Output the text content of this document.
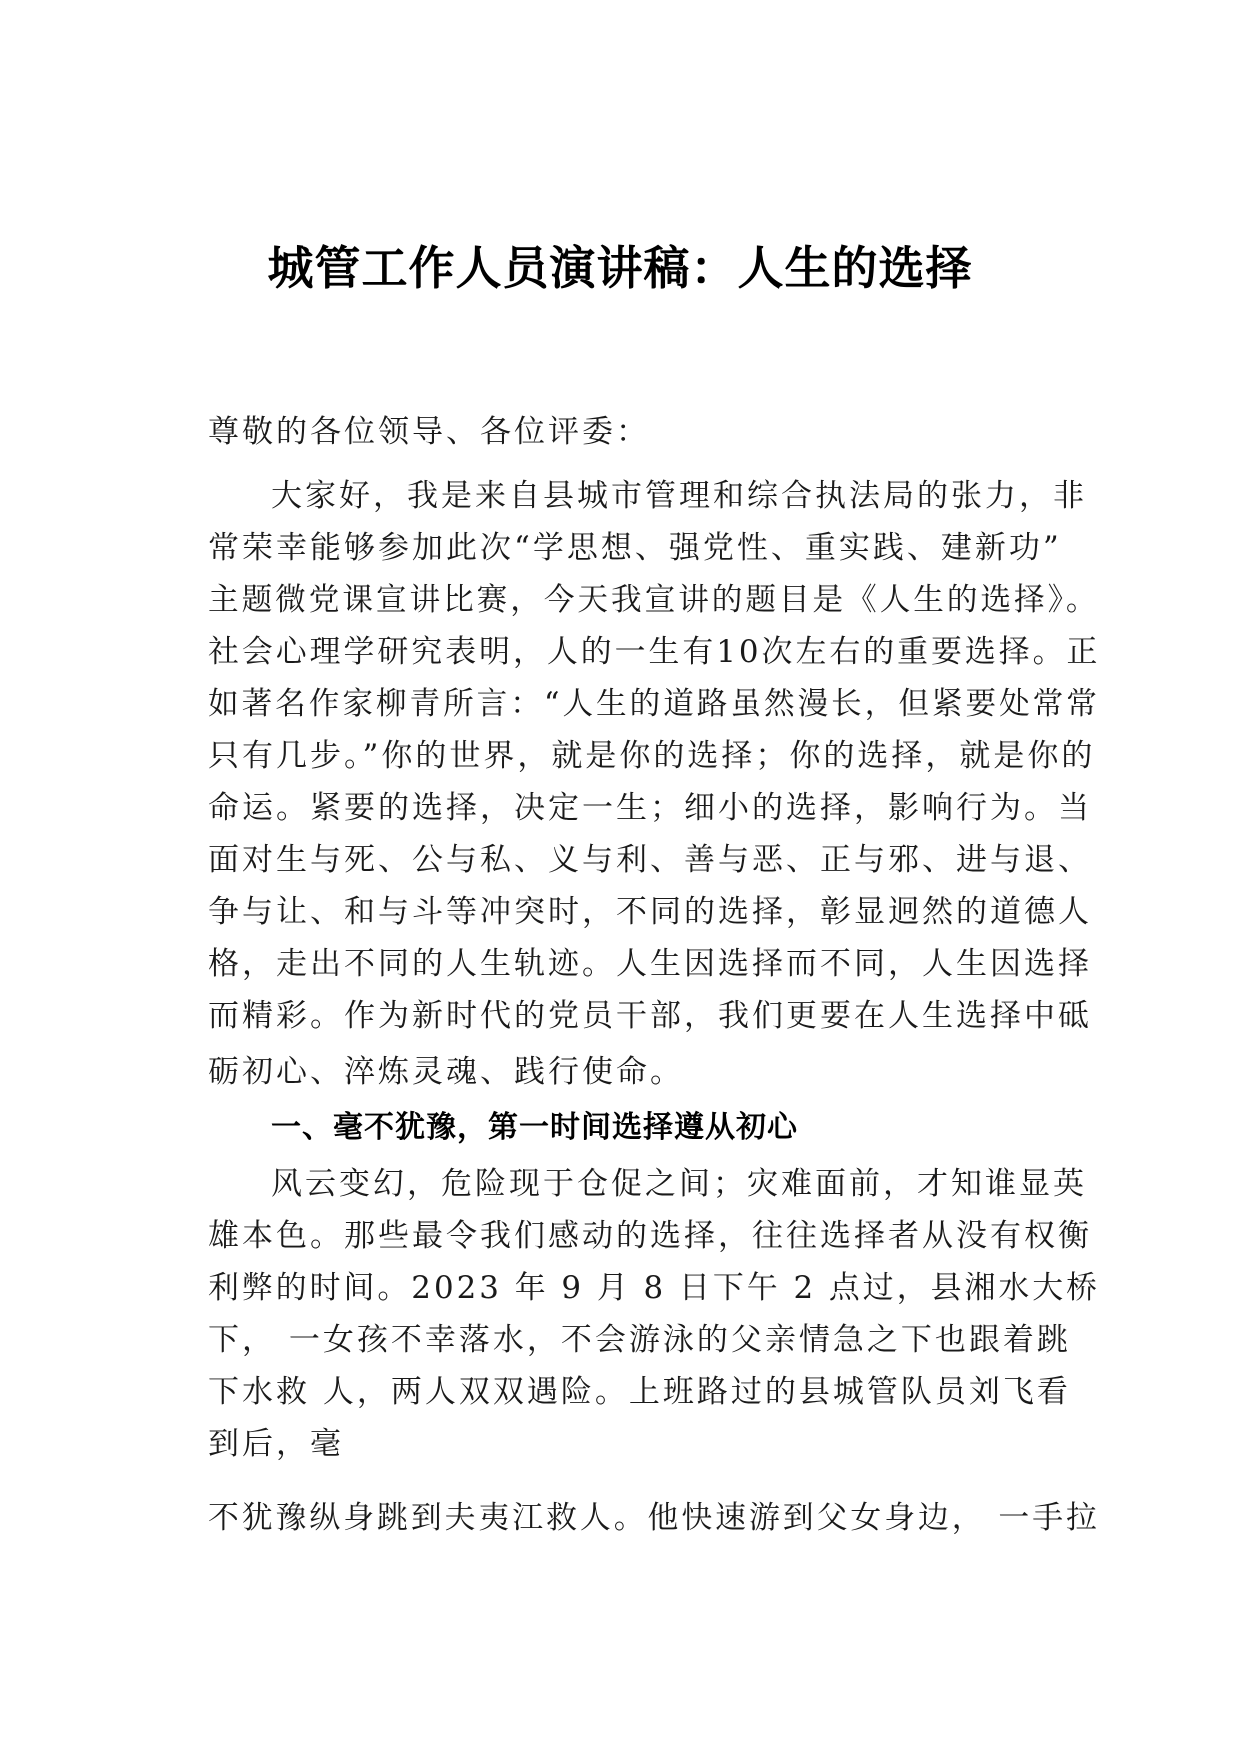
城管工作人员演讲稿：人生的选择
尊敬的各位领导、各位评委：
大家好，我是来自县城市管理和综合执法局的张力，非
常荣幸能够参加此次“学思想、强党性、重实践、建新功”
主题微党课宣讲比赛，今天我宣讲的题目是《人生的选择》。
社会心理学研究表明，人的一生有10次左右的重要选择。正
如著名作家柳青所言：“人生的道路虽然漫长，但紧要处常常
只有几步。”你的世界，就是你的选择；你的选择，就是你的
命运。紧要的选择，决定一生；细小的选择，影响行为。当
面对生与死、公与私、义与利、善与恶、正与邪、进与退、
争与让、和与斗等冲突时，不同的选择，彰显迥然的道德人
格，走出不同的人生轨迹。人生因选择而不同，人生因选择
而精彩。作为新时代的党员干部，我们更要在人生选择中砥
砺初心、淬炼灵魂、践行使命。
一、毫不犹豫，第一时间选择遵从初心
风云变幻，危险现于仓促之间；灾难面前，才知谁显英
雄本色。那些最令我们感动的选择，往往选择者从没有权衡
利弊的时间。2023 年 9 月 8 日下午 2 点过，县湘水大桥
下， 一女孩不幸落水，不会游泳的父亲情急之下也跟着跳
下水救 人，两人双双遇险。上班路过的县城管队员刘飞看
到后，毫
不犹豫纵身跳到夫夷江救人。他快速游到父女身边， 一手拉
